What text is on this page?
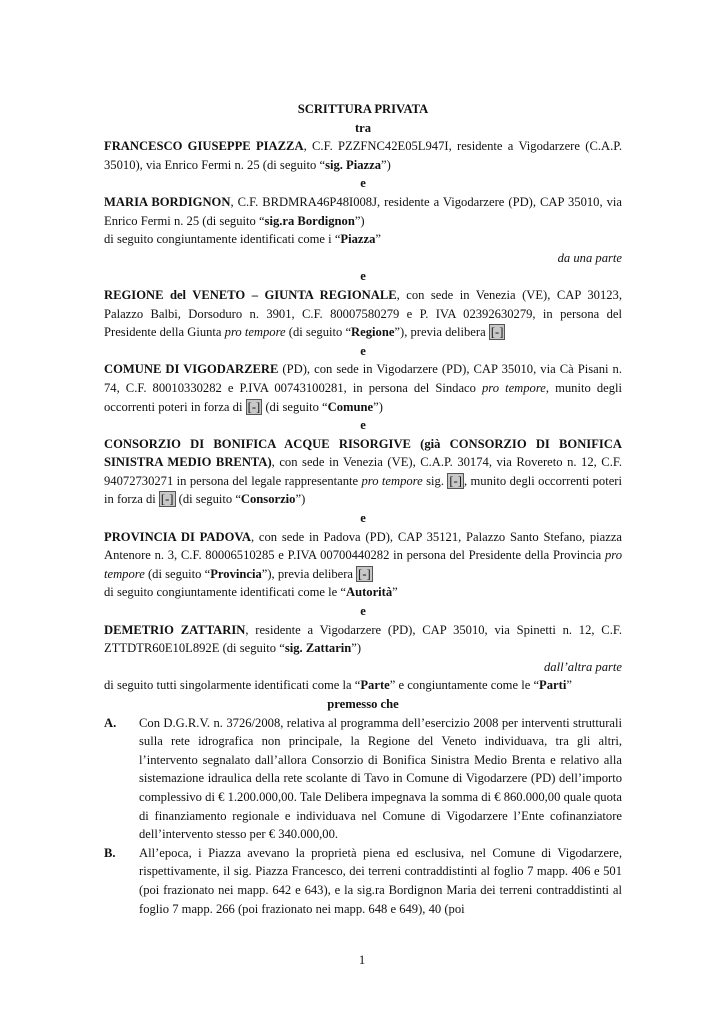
SCRITTURA PRIVATA
tra

FRANCESCO GIUSEPPE PIAZZA, C.F. PZZFNC42E05L947I, residente a Vigodarzere (C.A.P. 35010), via Enrico Fermi n. 25 (di seguito “sig. Piazza”)

e

MARIA BORDIGNON, C.F. BRDMRA46P48I008J, residente a Vigodarzere (PD), CAP 35010, via Enrico Fermi n. 25 (di seguito “sig.ra Bordignon”)

di seguito congiuntamente identificati come i “Piazza”

da una parte
e

REGIONE del VENETO – GIUNTA REGIONALE, con sede in Venezia (VE), CAP 30123, Palazzo Balbi, Dorsoduro n. 3901, C.F. 80007580279 e P. IVA 02392630279, in persona del Presidente della Giunta pro tempore (di seguito “Regione”), previa delibera [-]

e

COMUNE DI VIGODARZERE (PD), con sede in Vigodarzere (PD), CAP 35010, via Cà Pisani n. 74, C.F. 80010330282 e P.IVA 00743100281, in persona del Sindaco pro tempore, munito degli occorrenti poteri in forza di [-] (di seguito “Comune”)

e

CONSORZIO DI BONIFICA ACQUE RISORGIVE (già CONSORZIO DI BONIFICA SINISTRA MEDIO BRENTA), con sede in Venezia (VE), C.A.P. 30174, via Rovereto n. 12, C.F. 94072730271 in persona del legale rappresentante pro tempore sig. [-] , munito degli occorrenti poteri in forza di [-] (di seguito “Consorzio”)

e

PROVINCIA DI PADOVA, con sede in Padova (PD), CAP 35121, Palazzo Santo Stefano, piazza Antenore n. 3, C.F. 80006510285 e P.IVA 00700440282 in persona del Presidente della Provincia pro tempore (di seguito “Provincia”), previa delibera [-]

di seguito congiuntamente identificati come le “Autorità”

e

DEMETRIO ZATTARIN, residente a Vigodarzere (PD), CAP 35010, via Spinetti n. 12, C.F. ZTTDTR60E10L892E (di seguito “sig. Zattarin”)

dall’altra parte

di seguito tutti singolarmente identificati come la “Parte” e congiuntamente come le “Parti”

premesso che
A.	Con D.G.R.V. n. 3726/2008, relativa al programma dell’esercizio 2008 per interventi strutturali sulla rete idrografica non principale, la Regione del Veneto individuava, tra gli altri, l’intervento segnalato dall’allora Consorzio di Bonifica Sinistra Medio Brenta e relativo alla sistemazione idraulica della rete scolante di Tavo in Comune di Vigodarzere (PD) dell’importo complessivo di € 1.200.000,00. Tale Delibera impegnava la somma di € 860.000,00 quale quota di finanziamento regionale e individuava nel Comune di Vigodarzere l’Ente cofinanziatore dell’intervento stesso per € 340.000,00.
B.	All’epoca, i Piazza avevano la proprietà piena ed esclusiva, nel Comune di Vigodarzere, rispettivamente, il sig. Piazza Francesco, dei terreni contraddistinti al foglio 7 mapp. 406 e 501 (poi frazionato nei mapp. 642 e 643), e la sig.ra Bordignon Maria dei terreni contraddistinti al foglio 7 mapp. 266 (poi frazionato nei mapp. 648 e 649), 40 (poi
1
